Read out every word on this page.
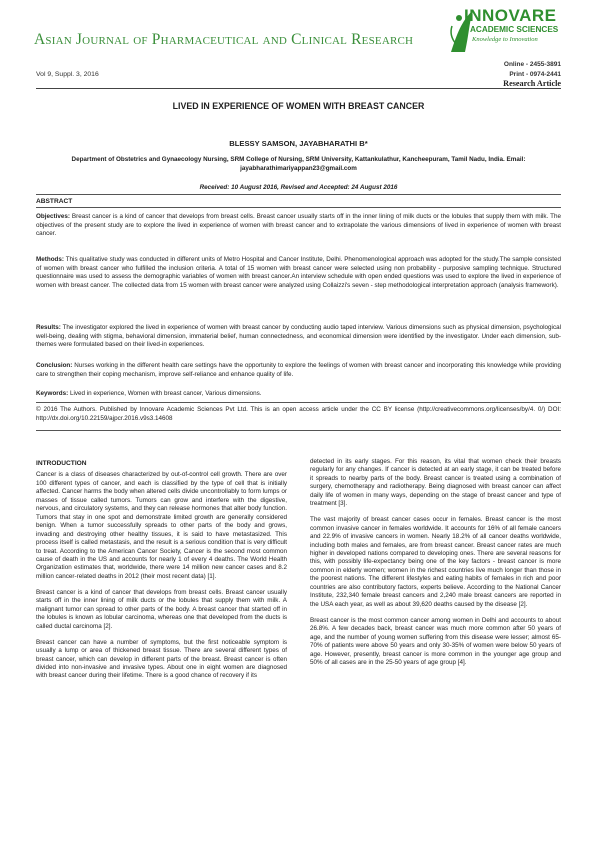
Asian Journal of Pharmaceutical and Clinical Research
INNOVARE
ACADEMIC SCIENCES
Knowledge to Innovation
Online - 2455-3891
Print - 0974-2441
Vol 9, Suppl. 3, 2016
Research Article
LIVED IN EXPERIENCE OF WOMEN WITH BREAST CANCER
BLESSY SAMSON, JAYABHARATHI B*
Department of Obstetrics and Gynaecology Nursing, SRM College of Nursing, SRM University, Kattankulathur, Kancheepuram, Tamil Nadu, India. Email: jayabharathimariyappan23@gmail.com
Received: 10 August 2016, Revised and Accepted: 24 August 2016
ABSTRACT
Objectives: Breast cancer is a kind of cancer that develops from breast cells. Breast cancer usually starts off in the inner lining of milk ducts or the lobules that supply them with milk. The objectives of the present study are to explore the lived in experience of women with breast cancer and to extrapolate the various dimensions of lived in experience of women with breast cancer.
Methods: This qualitative study was conducted in different units of Metro Hospital and Cancer Institute, Delhi. Phenomenological approach was adopted for the study.The sample consisted of women with breast cancer who fulfilled the inclusion criteria. A total of 15 women with breast cancer were selected using non probability - purposive sampling technique. Structured questionnaire was used to assess the demographic variables of women with breast cancer.An interview schedule with open ended questions was used to explore the lived in experience of women with breast cancer. The collected data from 15 women with breast cancer were analyzed using Collaizzi's seven - step methodological interpretation approach (analysis framework).
Results: The investigator explored the lived in experience of women with breast cancer by conducting audio taped interview. Various dimensions such as physical dimension, psychological well-being, dealing with stigma, behavioral dimension, immaterial belief, human connectedness, and economical dimension were identified by the investigator. Under each dimension, sub-themes were formulated based on their lived-in experiences.
Conclusion: Nurses working in the different health care settings have the opportunity to explore the feelings of women with breast cancer and incorporating this knowledge while providing care to strengthen their coping mechanism, improve self-reliance and enhance quality of life.
Keywords: Lived in experience, Women with breast cancer, Various dimensions.
© 2016 The Authors. Published by Innovare Academic Sciences Pvt Ltd. This is an open access article under the CC BY license (http://creativecommons.org/licenses/by/4. 0/) DOI: http://dx.doi.org/10.22159/ajpcr.2016.v9s3.14608
INTRODUCTION

Cancer is a class of diseases characterized by out-of-control cell growth. There are over 100 different types of cancer, and each is classified by the type of cell that is initially affected. Cancer harms the body when altered cells divide uncontrollably to form lumps or masses of tissue called tumors. Tumors can grow and interfere with the digestive, nervous, and circulatory systems, and they can release hormones that alter body function. Tumors that stay in one spot and demonstrate limited growth are generally considered benign. When a tumor successfully spreads to other parts of the body and grows, invading and destroying other healthy tissues, it is said to have metastasized. This process itself is called metastasis, and the result is a serious condition that is very difficult to treat. According to the American Cancer Society, Cancer is the second most common cause of death in the US and accounts for nearly 1 of every 4 deaths. The World Health Organization estimates that, worldwide, there were 14 million new cancer cases and 8.2 million cancer-related deaths in 2012 (their most recent data) [1].

Breast cancer is a kind of cancer that develops from breast cells. Breast cancer usually starts off in the inner lining of milk ducts or the lobules that supply them with milk. A malignant tumor can spread to other parts of the body. A breast cancer that started off in the lobules is known as lobular carcinoma, whereas one that developed from the ducts is called ductal carcinoma [2].

Breast cancer can have a number of symptoms, but the first noticeable symptom is usually a lump or area of thickened breast tissue. There are several different types of breast cancer, which can develop in different parts of the breast. Breast cancer is often divided into non-invasive and invasive types. About one in eight women are diagnosed with breast cancer during their lifetime. There is a good chance of recovery if its

detected in its early stages. For this reason, its vital that women check their breasts regularly for any changes. If cancer is detected at an early stage, it can be treated before it spreads to nearby parts of the body. Breast cancer is treated using a combination of surgery, chemotherapy and radiotherapy. Being diagnosed with breast cancer can affect daily life of women in many ways, depending on the stage of breast cancer and type of treatment [3].

The vast majority of breast cancer cases occur in females. Breast cancer is the most common invasive cancer in females worldwide. It accounts for 16% of all female cancers and 22.9% of invasive cancers in women. Nearly 18.2% of all cancer deaths worldwide, including both males and females, are from breast cancer. Breast cancer rates are much higher in developed nations compared to developing ones. There are several reasons for this, with possibly life-expectancy being one of the key factors - breast cancer is more common in elderly women; women in the richest countries live much longer than those in the poorest nations. The different lifestyles and eating habits of females in rich and poor countries are also contributory factors, experts believe. According to the National Cancer Institute, 232,340 female breast cancers and 2,240 male breast cancers are reported in the USA each year, as well as about 39,620 deaths caused by the disease [2].

Breast cancer is the most common cancer among women in Delhi and accounts to about 26.8%. A few decades back, breast cancer was much more common after 50 years of age, and the number of young women suffering from this disease were lesser; almost 65-70% of patients were above 50 years and only 30-35% of women were below 50 years of age. However, presently, breast cancer is more common in the younger age group and 50% of all cases are in the 25-50 years of age group [4].
